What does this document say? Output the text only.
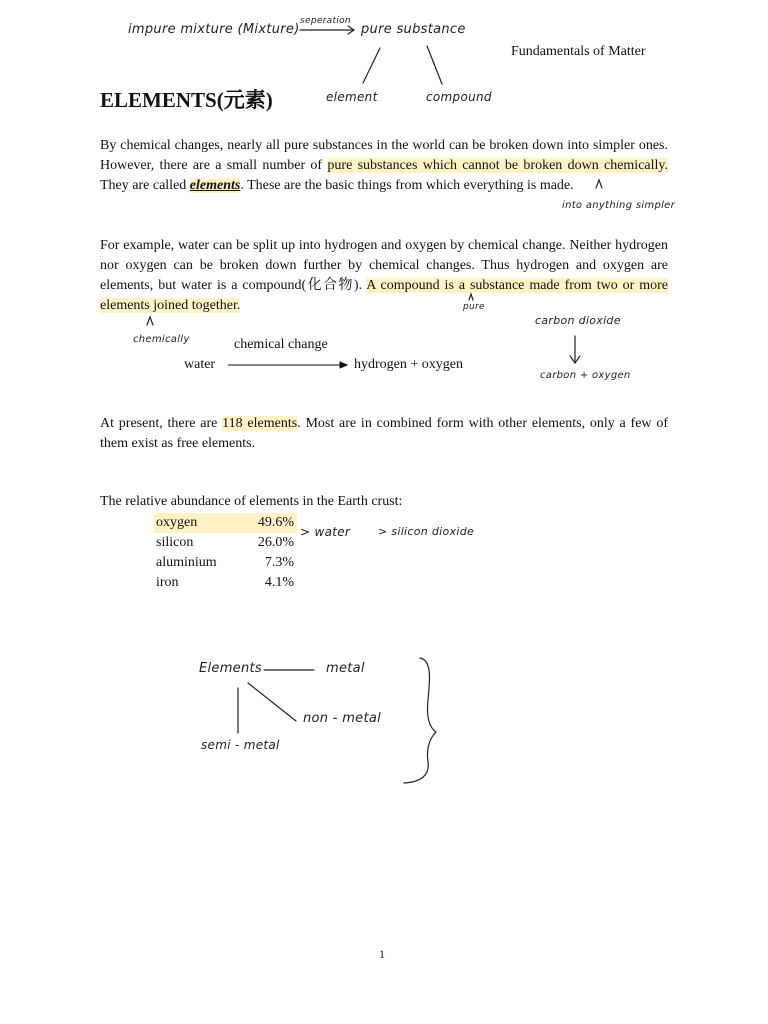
Fundamentals of Matter
impure mixture (Mixture)
seperation
pure substance
element	compound
ELEMENTS(元素)

By chemical changes, nearly all pure substances in the world can be broken down into simpler ones. However, there are a small number of pure substances which cannot be broken down chemically. They are called elements. These are the basic things from which everything is made.

into anything simpler

For example, water can be split up into hydrogen and oxygen by chemical change. Neither hydrogen nor oxygen can be broken down further by chemical changes. Thus hydrogen and oxygen are elements, but water is a compound(化合物). A compound is a substance made from two or more elements joined together.	pure
chemically	chemical change
water	hydrogen + oxygen
carbon dioxide
carbon + oxygen

At present, there are 118 elements. Most are in combined form with other elements, only a few of them exist as free elements.

The relative abundance of elements in the Earth crust:
oxygen	49.6%
silicon	26.0%
aluminium	7.3%
iron	4.1%
> water	> silicon dioxide
Elements	metal
non - metal
semi - metal
1
